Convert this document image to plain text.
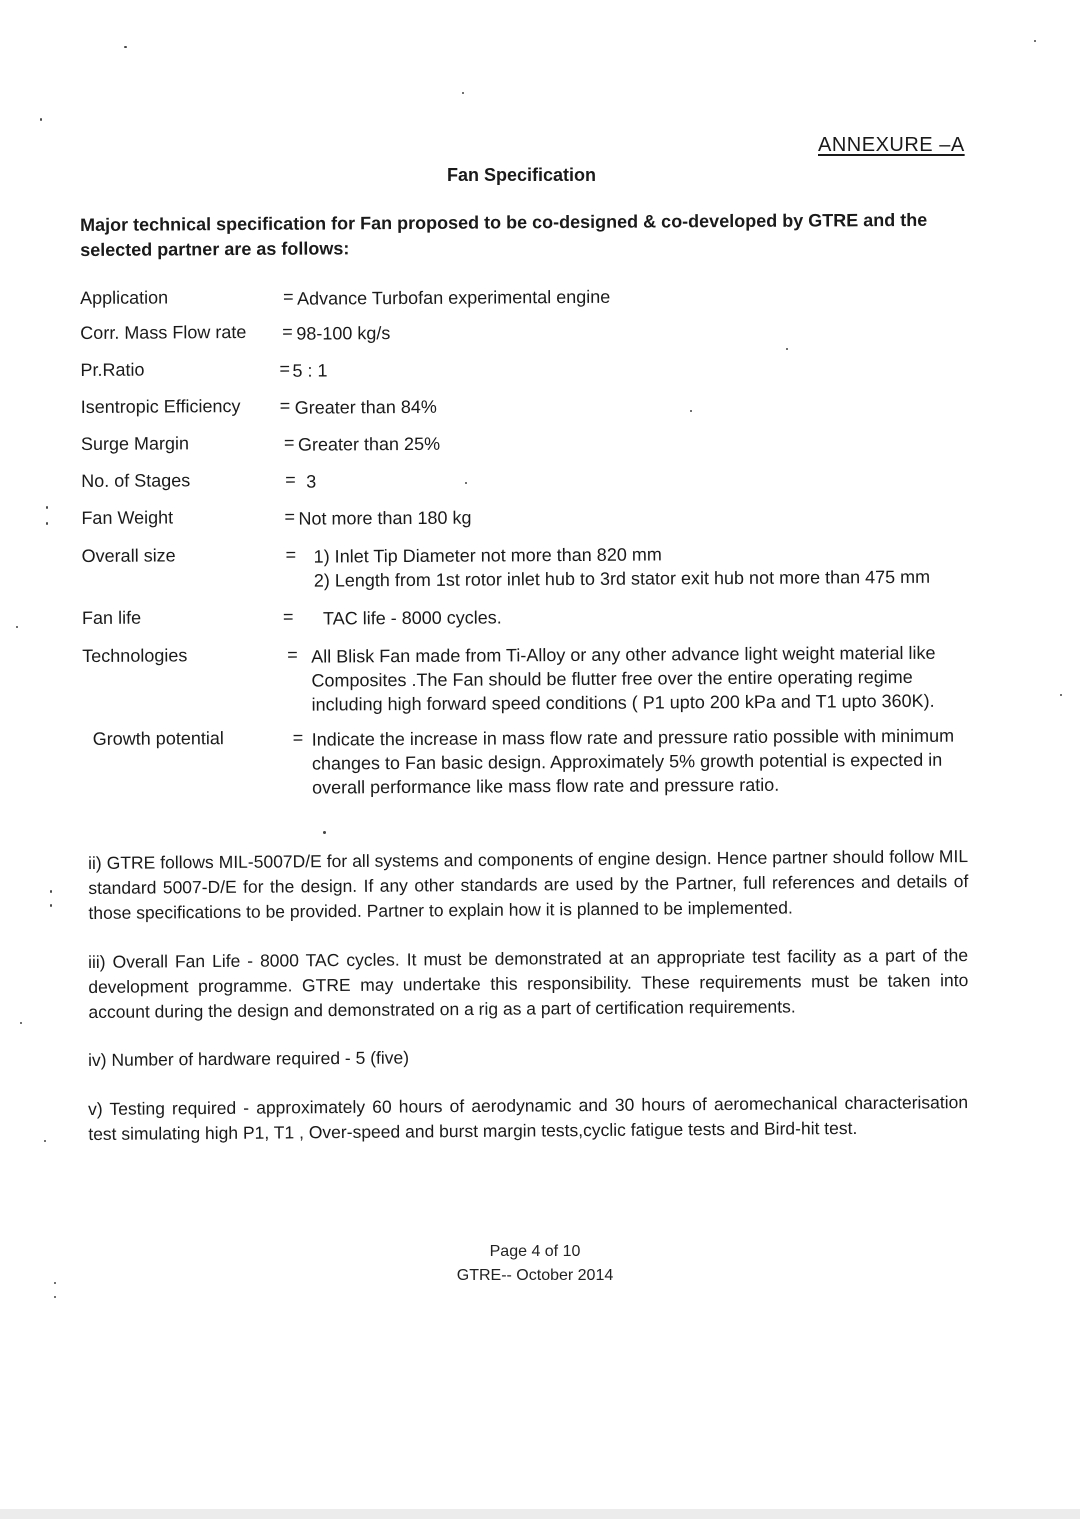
ANNEXURE –A
Fan Specification
Major technical specification for Fan proposed to be co-designed & co-developed by GTRE and the selected partner are as follows:
Application	= Advance Turbofan experimental engine
Corr. Mass Flow rate = 98-100 kg/s
Pr.Ratio	= 5 : 1
Isentropic Efficiency = Greater than 84%
Surge Margin	= Greater than 25%
No. of Stages	= 3
Fan Weight	= Not more than 180 kg
Overall size	= 1) Inlet Tip Diameter not more than 820 mm
2) Length from 1st rotor inlet hub to 3rd stator exit hub not more than 475 mm
Fan life	= TAC life - 8000 cycles.
Technologies	= All Blisk Fan made from Ti-Alloy or any other advance light weight material like Composites .The Fan should be flutter free over the entire operating regime including high forward speed conditions ( P1 upto 200 kPa and T1 upto 360K).

Growth potential	= Indicate the increase in mass flow rate and pressure ratio possible with minimum changes to Fan basic design. Approximately 5% growth potential is expected in overall performance like mass flow rate and pressure ratio.

ii) GTRE follows MIL-5007D/E for all systems and components of engine design. Hence partner should follow MIL standard 5007-D/E for the design. If any other standards are used by the Partner, full references and details of those specifications to be provided. Partner to explain how it is planned to be implemented.
iii) Overall Fan Life - 8000 TAC cycles. It must be demonstrated at an appropriate test facility as a part of the development programme. GTRE may undertake this responsibility. These requirements must be taken into account during the design and demonstrated on a rig as a part of certification requirements.
iv) Number of hardware required - 5 (five)
v) Testing required - approximately 60 hours of aerodynamic and 30 hours of aeromechanical characterisation test simulating high P1, T1 , Over-speed and burst margin tests,cyclic fatigue tests and Bird-hit test.
Page 4 of 10
GTRE-- October 2014
